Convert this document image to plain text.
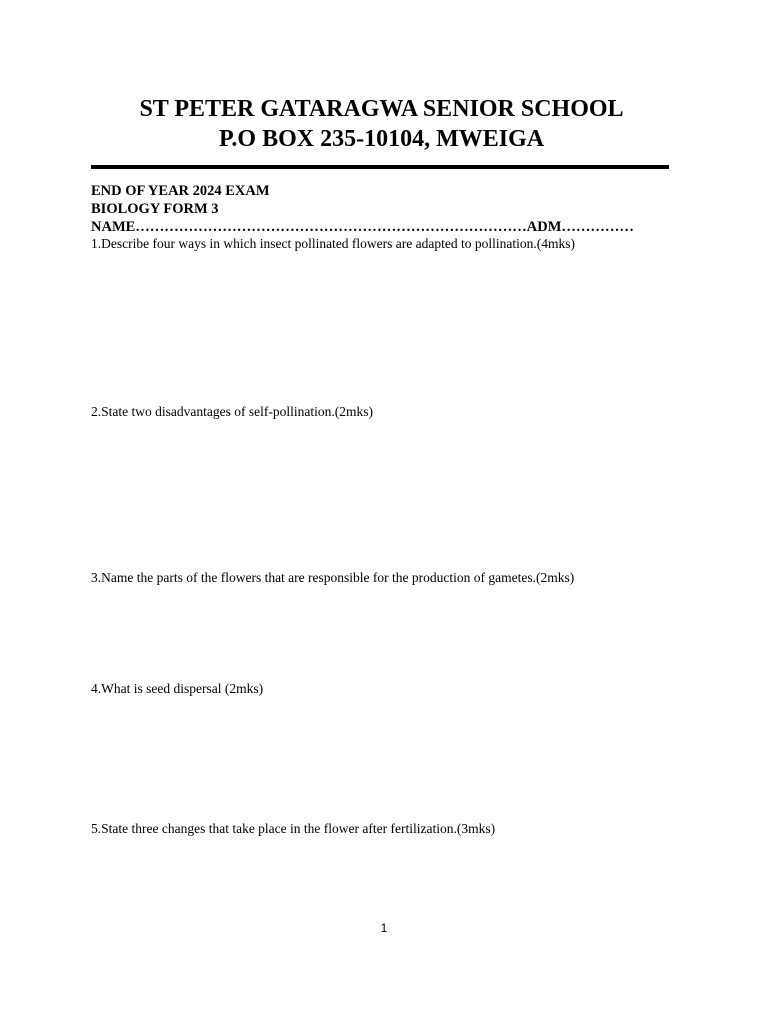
ST PETER GATARAGWA SENIOR SCHOOL
P.O BOX 235-10104, MWEIGA
END OF YEAR 2024 EXAM
BIOLOGY FORM 3
NAME………………………………………………………………………ADM……………
1.Describe four ways in which insect pollinated flowers are adapted to pollination.(4mks)
2.State two disadvantages of self-pollination.(2mks)
3.Name the parts of the flowers that are responsible for the production of gametes.(2mks)
4.What is seed dispersal (2mks)
5.State three changes that take place in the flower after fertilization.(3mks)
1
